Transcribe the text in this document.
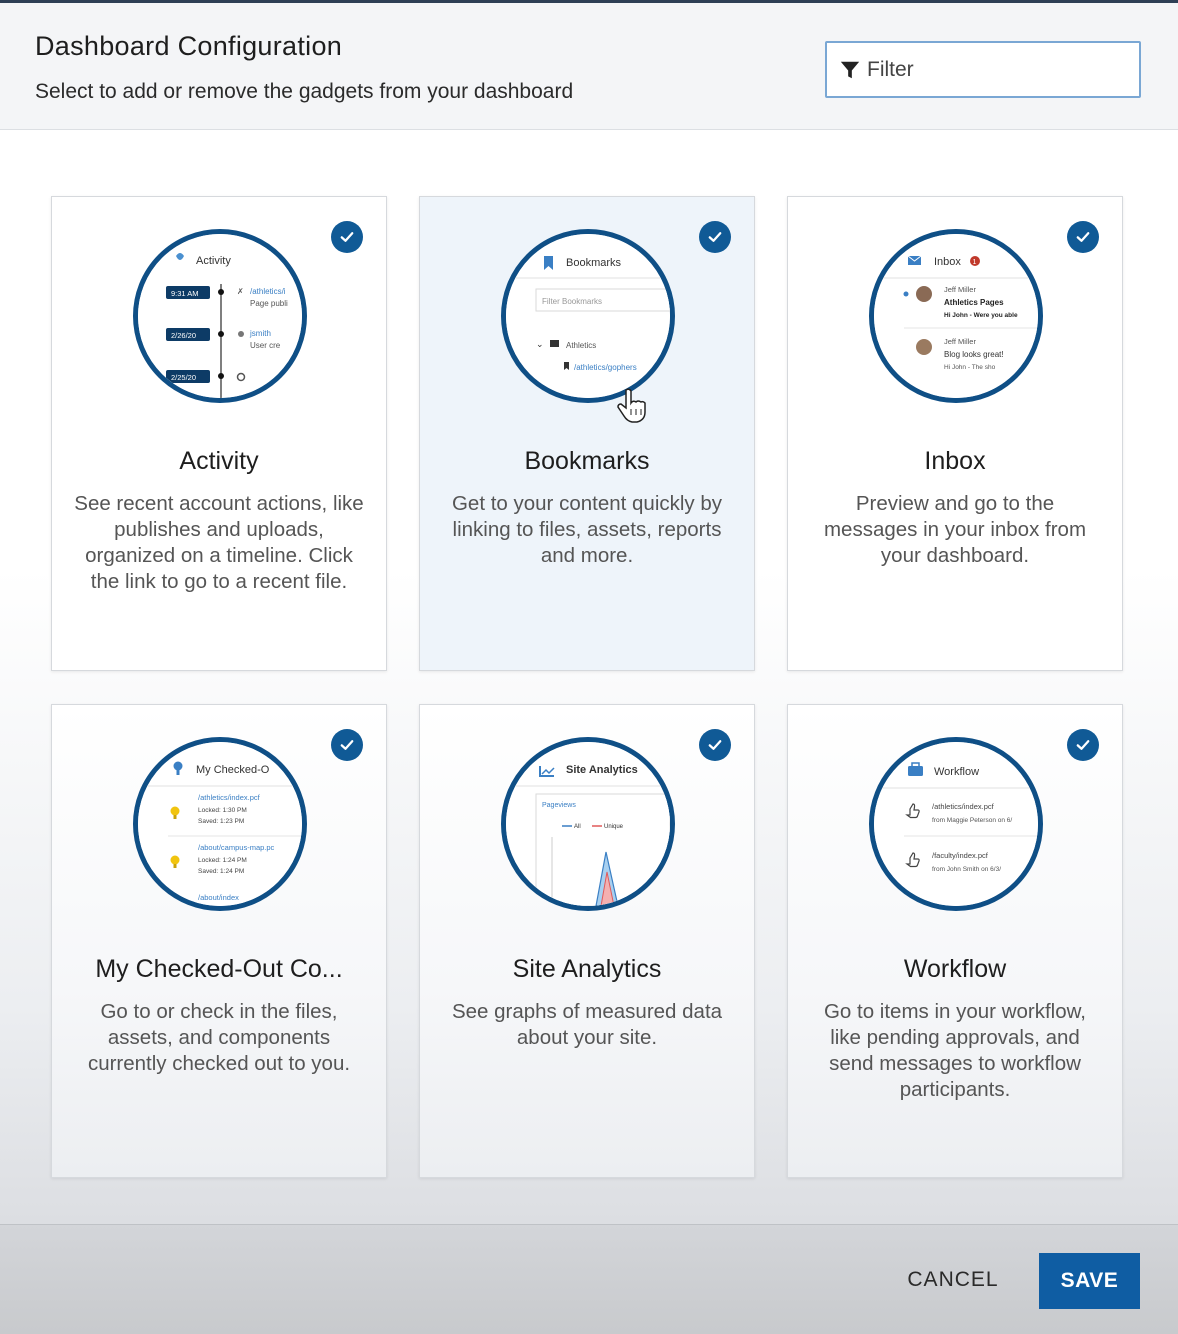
Dashboard Configuration
Select to add or remove the gadgets from your dashboard
Filter
Activity
9:31 AM
2/26/20
2/25/20
✗ /athletics/i
Page publi
jsmith
User cre
Activity
See recent account actions, like publishes and uploads, organized on a timeline. Click the link to go to a recent file.
Bookmarks
Filter Bookmarks
⌄	Athletics
/athletics/gophers
Bookmarks
Get to your content quickly by linking to files, assets, reports and more.
Inbox 1
Jeff Miller
Athletics Pages
Hi John - Were you able
Jeff Miller
Blog looks great!
Hi John - The sho
Inbox
Preview and go to the messages in your inbox from your dashboard.
My Checked-O
/athletics/index.pcf
Locked: 1:30 PM
Saved: 1:23 PM
/about/campus-map.pc
Locked: 1:24 PM
Saved: 1:24 PM
/about/index
My Checked-Out Co...
Go to or check in the files, assets, and components currently checked out to you.
Site Analytics
Pageviews
All	Unique
Site Analytics
See graphs of measured data about your site.
Workflow
/athletics/index.pcf
from Maggie Peterson on 6/
/faculty/index.pcf
from John Smith on 6/3/
Workflow
Go to items in your workflow, like pending approvals, and send messages to workflow participants.
CANCEL	SAVE
